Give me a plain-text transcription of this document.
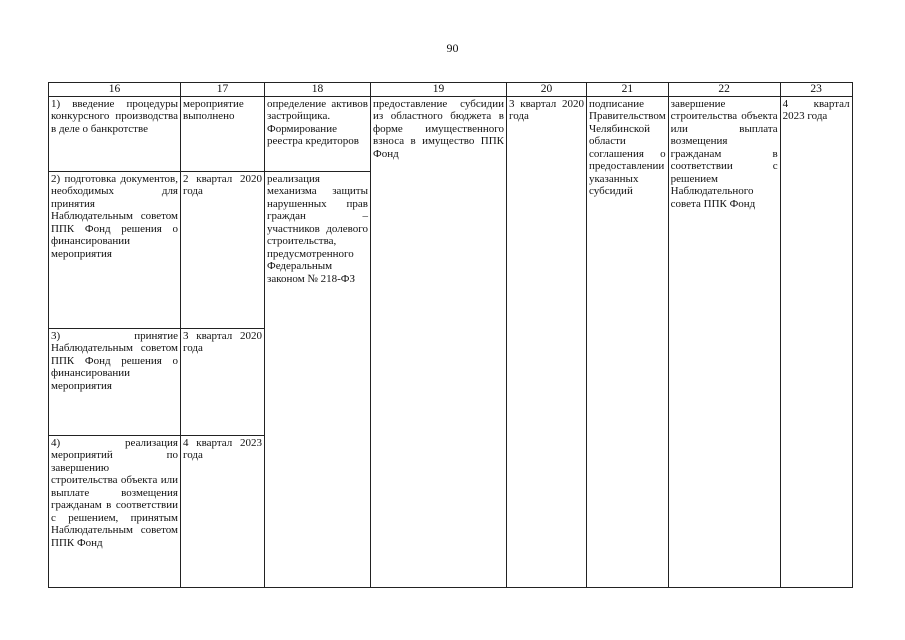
90
16	17	18	19	20	21	22	23
1) введение процедуры конкурсного производства в деле о банкротстве	мероприятие выполнено	определение активов застройщика. Формирование реестра кредиторов	предоставление субсидии из областного бюджета в форме имущественного взноса в имущество ППК Фонд	3 квартал 2020 года	подписание Правительством Челябинской области соглашения о предоставлении указанных субсидий	завершение строительства объекта или выплата возмещения гражданам в соответствии с решением Наблюдательного совета ППК Фонд	4 квартал 2023 года
2) подготовка документов, необходимых для принятия Наблюдательным советом ППК Фонд решения о финансировании мероприятия	2 квартал 2020 года	реализация механизма защиты нарушенных прав граждан – участников долевого строительства, предусмотренного Федеральным законом № 218-ФЗ					
3) принятие Наблюдательным советом ППК Фонд решения о финансировании мероприятия	3 квартал 2020 года						
4) реализация мероприятий по завершению строительства объекта или выплате возмещения гражданам в соответствии с решением, принятым Наблюдательным советом ППК Фонд	4 квартал 2023 года						
